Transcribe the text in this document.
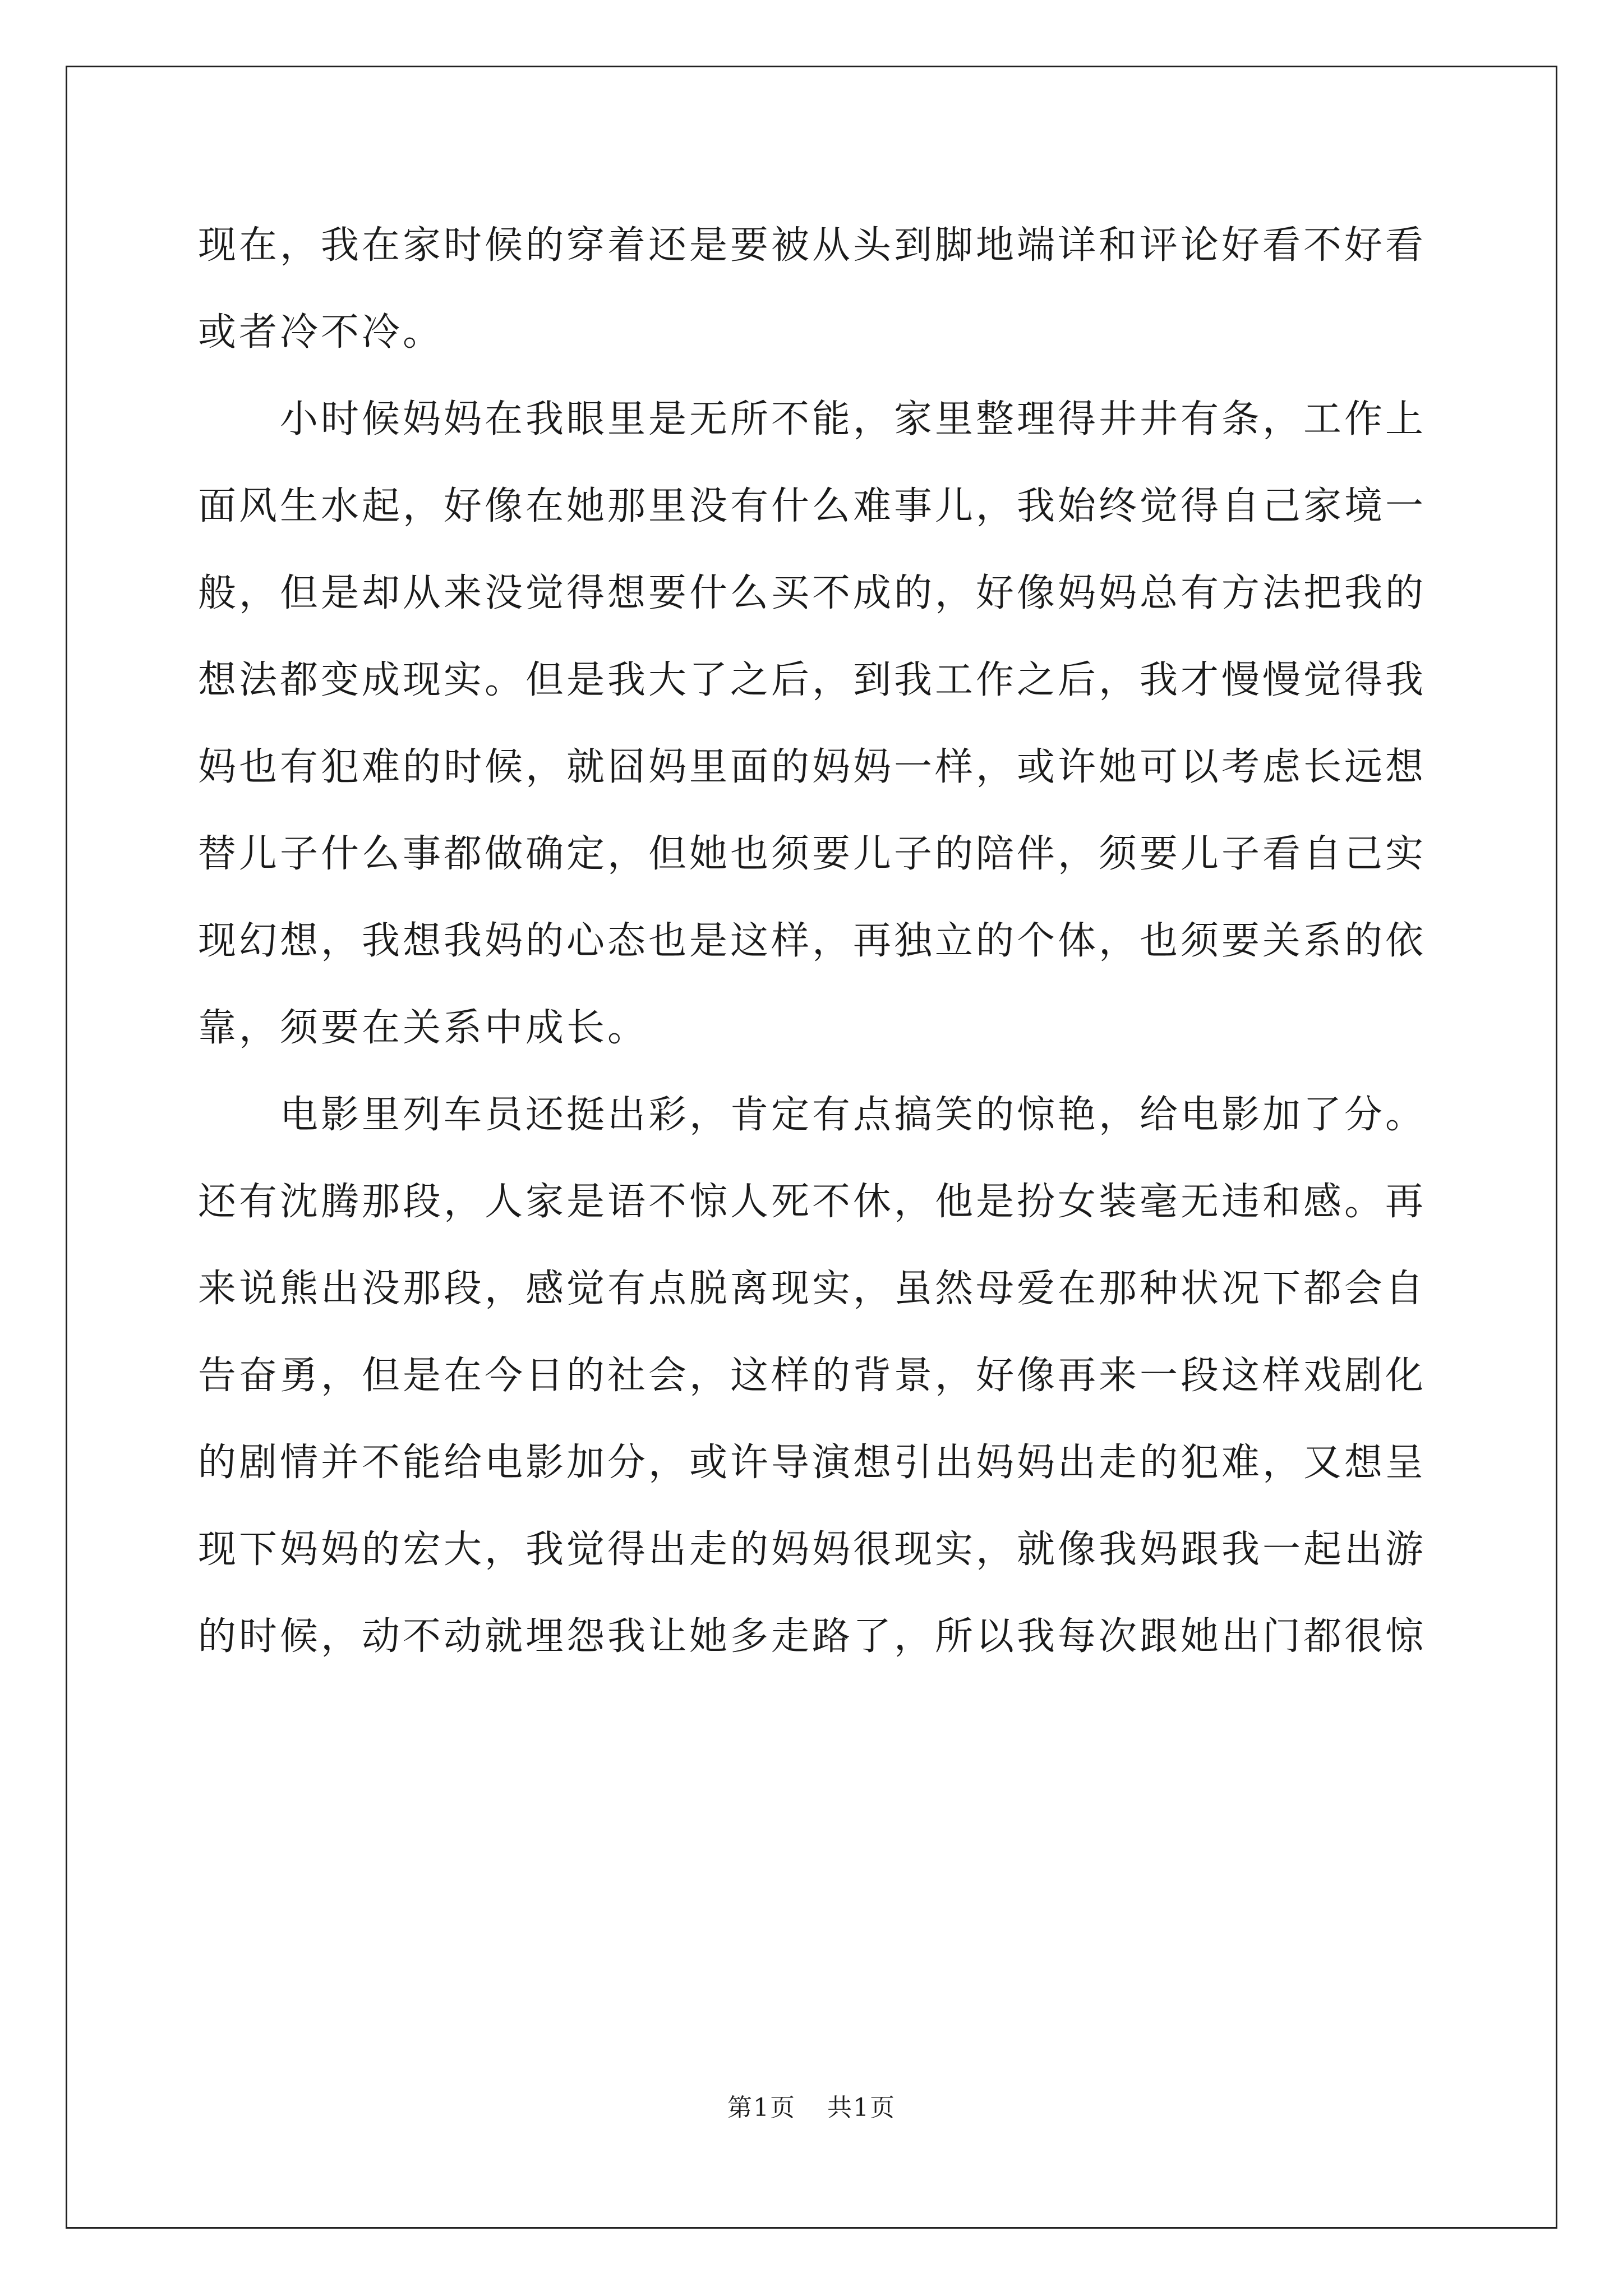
现在，我在家时候的穿着还是要被从头到脚地端详和评论好看不好看或者冷不冷。

小时候妈妈在我眼里是无所不能，家里整理得井井有条，工作上面风生水起，好像在她那里没有什么难事儿，我始终觉得自己家境一般，但是却从来没觉得想要什么买不成的，好像妈妈总有方法把我的想法都变成现实。但是我大了之后，到我工作之后，我才慢慢觉得我妈也有犯难的时候，就囧妈里面的妈妈一样，或许她可以考虑长远想替儿子什么事都做确定，但她也须要儿子的陪伴，须要儿子看自己实现幻想，我想我妈的心态也是这样，再独立的个体，也须要关系的依靠，须要在关系中成长。

电影里列车员还挺出彩，肯定有点搞笑的惊艳，给电影加了分。还有沈腾那段，人家是语不惊人死不休，他是扮女装毫无违和感。再来说熊出没那段，感觉有点脱离现实，虽然母爱在那种状况下都会自告奋勇，但是在今日的社会，这样的背景，好像再来一段这样戏剧化的剧情并不能给电影加分，或许导演想引出妈妈出走的犯难，又想呈现下妈妈的宏大，我觉得出走的妈妈很现实，就像我妈跟我一起出游的时候，动不动就埋怨我让她多走路了，所以我每次跟她出门都很惊

第1页 共1页
